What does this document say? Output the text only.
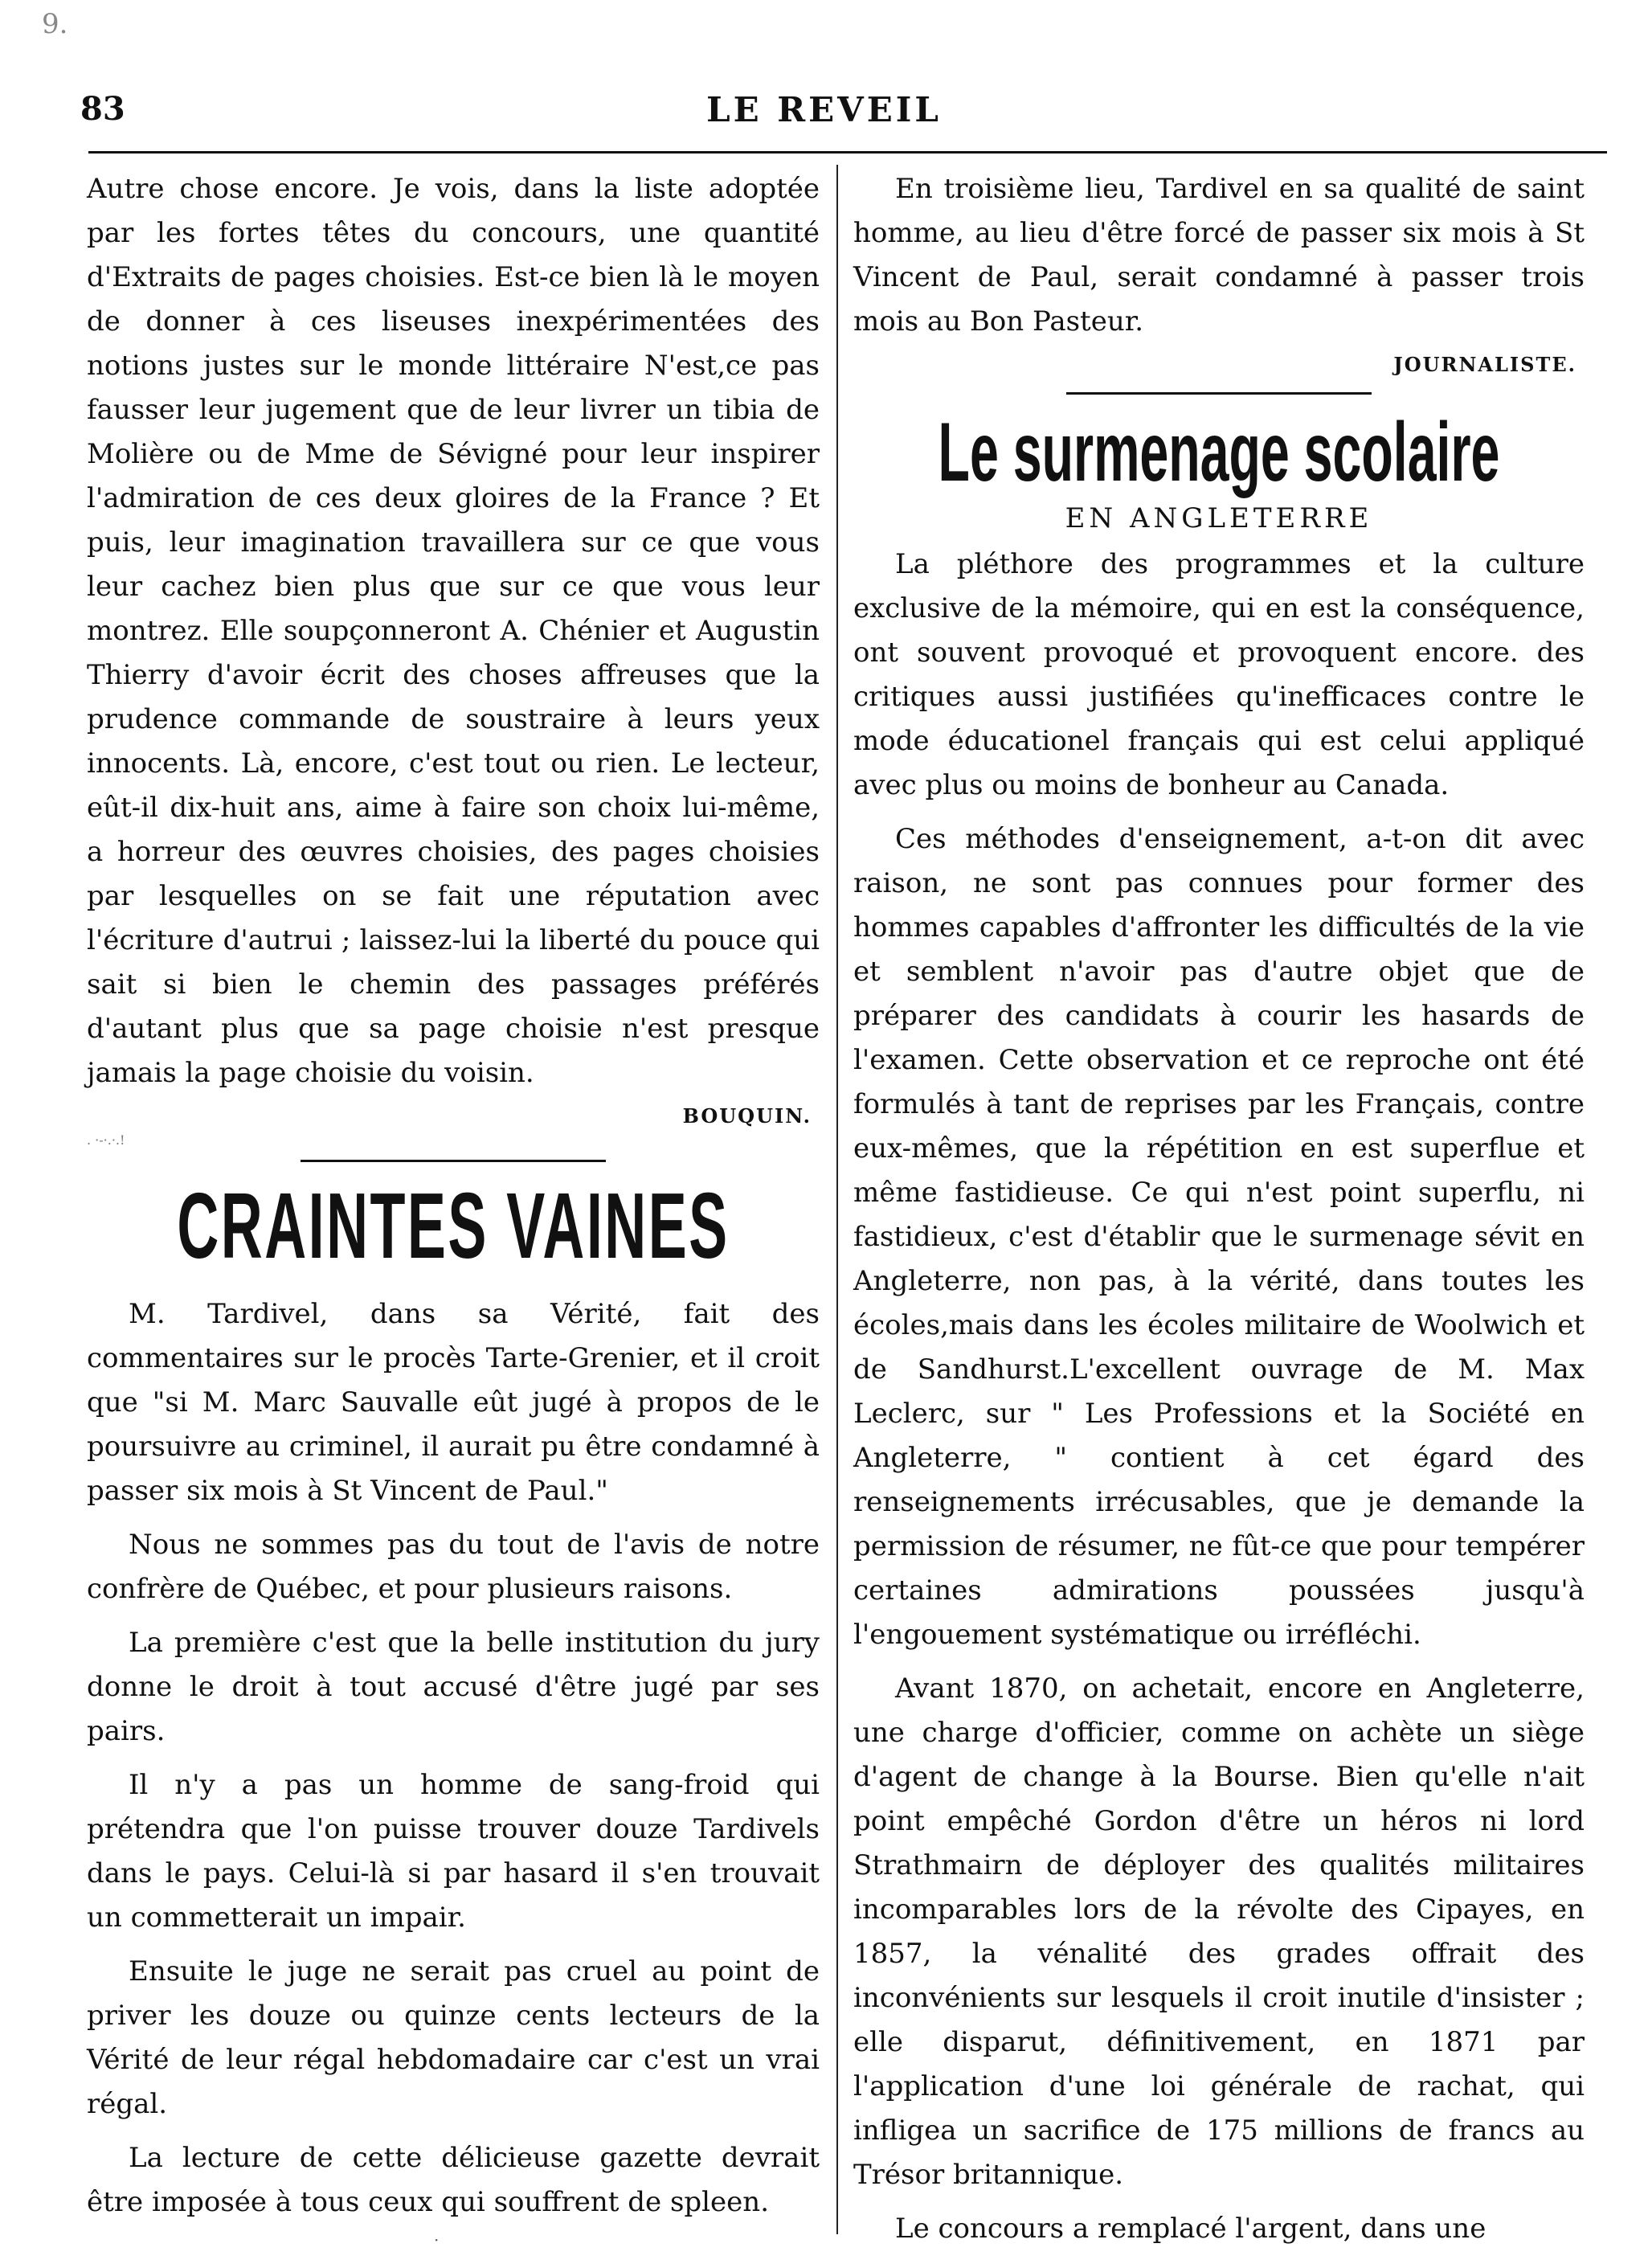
9.
83	LE REVEIL

Autre chose encore. Je vois, dans la liste adoptée par les fortes têtes du concours, une quantité d'Extraits de pages choisies. Est-ce bien là le moyen de donner à ces liseuses inexpérimentées des notions justes sur le monde littéraire N'est,ce pas fausser leur jugement que de leur livrer un tibia de Molière ou de Mme de Sévigné pour leur inspirer l'admiration de ces deux gloires de la France ? Et puis, leur imagination travaillera sur ce que vous leur cachez bien plus que sur ce que vous leur montrez. Elle soupçonneront A. Chénier et Augustin Thierry d'avoir écrit des choses affreuses que la prudence commande de soustraire à leurs yeux innocents. Là, encore, c'est tout ou rien. Le lecteur, eût-il dix-huit ans, aime à faire son choix lui-même, a horreur des œuvres choisies, des pages choisies par lesquelles on se fait une réputation avec l'écriture d'autrui ; laissez-lui la liberté du pouce qui sait si bien le chemin des passages préférés d'autant plus que sa page choisie n'est presque jamais la page choisie du voisin.

BOUQUIN.
. ·-·.·.!
CRAINTES VAINES

M. Tardivel, dans sa Vérité, fait des commentaires sur le procès Tarte-Grenier, et il croit que "si M. Marc Sauvalle eût jugé à propos de le poursuivre au criminel, il aurait pu être condamné à passer six mois à St Vincent de Paul."

Nous ne sommes pas du tout de l'avis de notre confrère de Québec, et pour plusieurs raisons.

La première c'est que la belle institution du jury donne le droit à tout accusé d'être jugé par ses pairs.

Il n'y a pas un homme de sang-froid qui prétendra que l'on puisse trouver douze Tardivels dans le pays. Celui-là si par hasard il s'en trouvait un commetterait un impair.

Ensuite le juge ne serait pas cruel au point de priver les douze ou quinze cents lecteurs de la Vérité de leur régal hebdomadaire car c'est un vrai régal.

La lecture de cette délicieuse gazette devrait être imposée à tous ceux qui souffrent de spleen.

En troisième lieu, Tardivel en sa qualité de saint homme, au lieu d'être forcé de passer six mois à St Vincent de Paul, serait condamné à passer trois mois au Bon Pasteur.

JOURNALISTE.
Le surmenage scolaire
EN ANGLETERRE

La pléthore des programmes et la culture exclusive de la mémoire, qui en est la conséquence, ont souvent provoqué et provoquent encore. des critiques aussi justifiées qu'inefficaces contre le mode éducationel français qui est celui appliqué avec plus ou moins de bonheur au Canada.

Ces méthodes d'enseignement, a-t-on dit avec raison, ne sont pas connues pour former des hommes capables d'affronter les difficultés de la vie et semblent n'avoir pas d'autre objet que de préparer des candidats à courir les hasards de l'examen. Cette observation et ce reproche ont été formulés à tant de reprises par les Français, contre eux-mêmes, que la répétition en est superflue et même fastidieuse. Ce qui n'est point superflu, ni fastidieux, c'est d'établir que le surmenage sévit en Angleterre, non pas, à la vérité, dans toutes les écoles,mais dans les écoles militaire de Woolwich et de Sandhurst.L'excellent ouvrage de M. Max Leclerc, sur " Les Professions et la Société en Angleterre, " contient à cet égard des renseignements irrécusables, que je demande la permission de résumer, ne fût-ce que pour tempérer certaines admirations poussées jusqu'à l'engouement systématique ou irréfléchi.

Avant 1870, on achetait, encore en Angleterre, une charge d'officier, comme on achète un siège d'agent de change à la Bourse. Bien qu'elle n'ait point empêché Gordon d'être un héros ni lord Strathmairn de déployer des qualités militaires incomparables lors de la révolte des Cipayes, en 1857, la vénalité des grades offrait des inconvénients sur lesquels il croit inutile d'insister ; elle disparut, définitivement, en 1871 par l'application d'une loi générale de rachat, qui infligea un sacrifice de 175 millions de francs au Trésor britannique.

Le concours a remplacé l'argent, dans une

·
